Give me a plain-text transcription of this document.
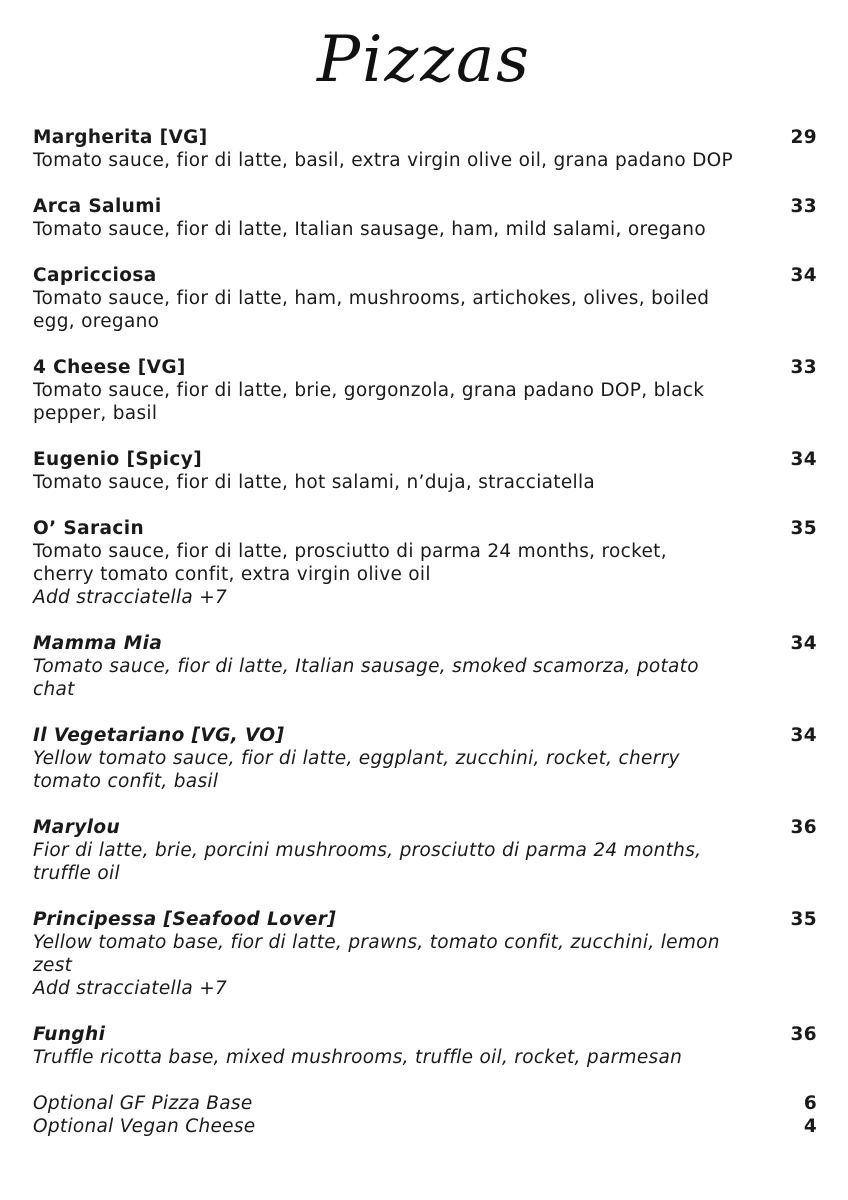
Pizzas
Margherita [VG]	29
Tomato sauce, fior di latte, basil, extra virgin olive oil, grana padano DOP
Arca Salumi	33
Tomato sauce, fior di latte, Italian sausage, ham, mild salami, oregano
Capricciosa	34
Tomato sauce, fior di latte, ham, mushrooms, artichokes, olives, boiled egg, oregano
4 Cheese [VG]	33
Tomato sauce, fior di latte, brie, gorgonzola, grana padano DOP, black pepper, basil
Eugenio [Spicy]	34
Tomato sauce, fior di latte, hot salami, n’duja, stracciatella
O’ Saracin	35
Tomato sauce, fior di latte, prosciutto di parma 24 months, rocket, cherry tomato confit, extra virgin olive oil
Add stracciatella +7
Mamma Mia	34
Tomato sauce, fior di latte, Italian sausage, smoked scamorza, potato chat
Il Vegetariano [VG, VO]	34
Yellow tomato sauce, fior di latte, eggplant, zucchini, rocket, cherry tomato confit, basil
Marylou	36
Fior di latte, brie, porcini mushrooms, prosciutto di parma 24 months, truffle oil
Principessa [Seafood Lover]	35
Yellow tomato base, fior di latte, prawns, tomato confit, zucchini, lemon zest
Add stracciatella +7
Funghi	36
Truffle ricotta base, mixed mushrooms, truffle oil, rocket, parmesan
Optional GF Pizza Base	6
Optional Vegan Cheese	4
